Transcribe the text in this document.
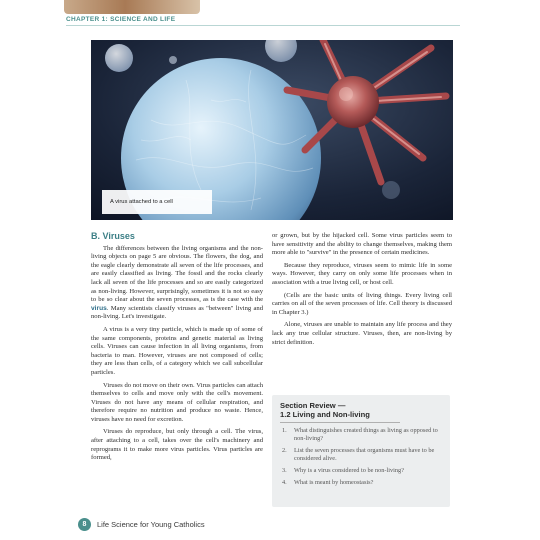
CHAPTER 1: SCIENCE AND LIFE
A virus attached to a cell
B. Viruses

The differences between the living organisms and the non-living objects on page 5 are obvious. The flowers, the dog, and the eagle clearly demonstrate all seven of the life processes, and are easily classified as living. The fossil and the rocks clearly lack all seven of the life processes and so are easily categorized as non-living. However, surprisingly, sometimes it is not so easy to be so clear about the seven processes, as is the case with the virus. Many scientists classify viruses as "between" living and non-living. Let's investigate.

A virus is a very tiny particle, which is made up of some of the same components, proteins and genetic material as living cells. Viruses can cause infection in all living organisms, from bacteria to man. However, viruses are not composed of cells; they are less than cells, of a category which we call subcellular particles.

Viruses do not move on their own. Virus particles can attach themselves to cells and move only with the cell's movement. Viruses do not have any means of cellular respiration, and therefore require no nutrition and produce no waste. Hence, viruses have no need for excretion.

Viruses do reproduce, but only through a cell. The virus, after attaching to a cell, takes over the cell's machinery and reprograms it to make more virus particles. Virus particles are formed,

or grown, but by the hijacked cell. Some virus particles seem to have sensitivity and the ability to change themselves, making them more able to "survive" in the presence of certain medicines.

Because they reproduce, viruses seem to mimic life in some ways. However, they carry on only some life processes when in association with a true living cell, or host cell.

(Cells are the basic units of living things. Every living cell carries on all of the seven processes of life. Cell theory is discussed in Chapter 3.)

Alone, viruses are unable to maintain any life process and they lack any true cellular structure. Viruses, then, are non-living by strict definition.

Section Review —
1.2 Living and Non-living
1.	What distinguishes created things as living as opposed to non-living?
2.	List the seven processes that organisms must have to be considered alive.
3.	Why is a virus considered to be non-living?
4.	What is meant by homeostasis?
8	Life Science for Young Catholics
